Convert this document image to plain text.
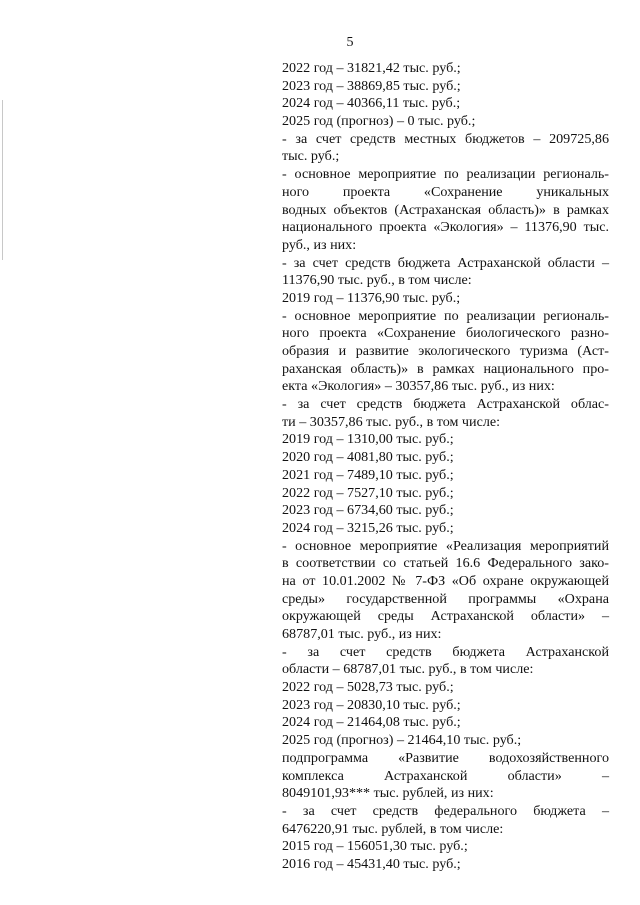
5
2022 год – 31821,42 тыс. руб.;
2023 год – 38869,85 тыс. руб.;
2024 год – 40366,11 тыс. руб.;
2025 год (прогноз) – 0 тыс. руб.;
- за счет средств местных бюджетов – 209725,86
тыс. руб.;
- основное мероприятие по реализации региональ-
ного проекта «Сохранение уникальных
водных объектов (Астраханская область)» в рамках
национального проекта «Экология» – 11376,90 тыс.
руб., из них:
- за счет средств бюджета Астраханской области –
11376,90 тыс. руб., в том числе:
2019 год – 11376,90 тыс. руб.;
- основное мероприятие по реализации региональ-
ного проекта «Сохранение биологического разно-
образия и развитие экологического туризма (Аст-
раханская область)» в рамках национального про-
екта «Экология» – 30357,86 тыс. руб., из них:
- за счет средств бюджета Астраханской облас-
ти – 30357,86 тыс. руб., в том числе:
2019 год – 1310,00 тыс. руб.;
2020 год – 4081,80 тыс. руб.;
2021 год – 7489,10 тыс. руб.;
2022 год – 7527,10 тыс. руб.;
2023 год – 6734,60 тыс. руб.;
2024 год – 3215,26 тыс. руб.;
- основное мероприятие «Реализация мероприятий
в соответствии со статьей 16.6 Федерального зако-
на от 10.01.2002 № 7-ФЗ «Об охране окружающей
среды» государственной программы «Охрана
окружающей среды Астраханской области» –
68787,01 тыс. руб., из них:
- за счет средств бюджета Астраханской
области – 68787,01 тыс. руб., в том числе:
2022 год – 5028,73 тыс. руб.;
2023 год – 20830,10 тыс. руб.;
2024 год – 21464,08 тыс. руб.;
2025 год (прогноз) – 21464,10 тыс. руб.;
подпрограмма «Развитие водохозяйственного
комплекса Астраханской области» –
8049101,93*** тыс. рублей, из них:
- за счет средств федерального бюджета –
6476220,91 тыс. рублей, в том числе:
2015 год – 156051,30 тыс. руб.;
2016 год – 45431,40 тыс. руб.;
